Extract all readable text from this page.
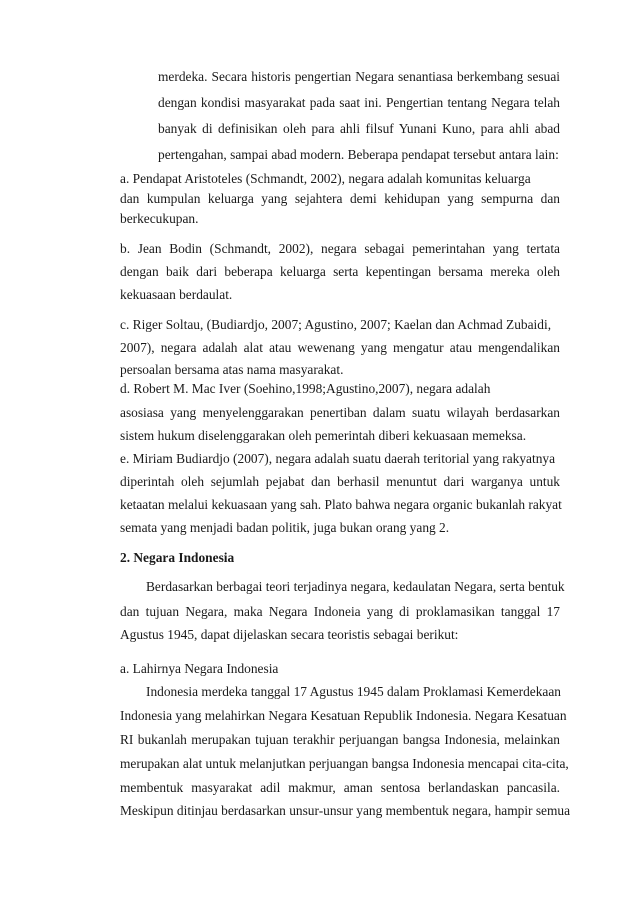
merdeka. Secara historis pengertian Negara senantiasa berkembang sesuai
dengan kondisi masyarakat pada saat ini. Pengertian tentang Negara telah
banyak di definisikan oleh para ahli filsuf Yunani Kuno, para ahli abad
pertengahan, sampai abad modern. Beberapa pendapat tersebut antara lain:
a. Pendapat Aristoteles (Schmandt, 2002), negara adalah komunitas keluarga
dan kumpulan keluarga yang sejahtera demi kehidupan yang sempurna dan
berkecukupan.
b. Jean Bodin (Schmandt, 2002), negara sebagai pemerintahan yang tertata
dengan baik dari beberapa keluarga serta kepentingan bersama mereka oleh
kekuasaan berdaulat.
c. Riger Soltau, (Budiardjo, 2007; Agustino, 2007; Kaelan dan Achmad Zubaidi,
2007), negara adalah alat atau wewenang yang mengatur atau mengendalikan
persoalan bersama atas nama masyarakat.
d. Robert M. Mac Iver (Soehino,1998;Agustino,2007), negara adalah
asosiasa yang menyelenggarakan penertiban dalam suatu wilayah berdasarkan
sistem hukum diselenggarakan oleh pemerintah diberi kekuasaan memeksa.
e. Miriam Budiardjo (2007), negara adalah suatu daerah teritorial yang rakyatnya
diperintah oleh sejumlah pejabat dan berhasil menuntut dari warganya untuk
ketaatan melalui kekuasaan yang sah. Plato bahwa negara organic bukanlah rakyat
semata yang menjadi badan politik, juga bukan orang yang 2.
2. Negara Indonesia
Berdasarkan berbagai teori terjadinya negara, kedaulatan Negara, serta bentuk
dan tujuan Negara, maka Negara Indoneia yang di proklamasikan tanggal 17
Agustus 1945, dapat dijelaskan secara teoristis sebagai berikut:
a. Lahirnya Negara Indonesia
Indonesia merdeka tanggal 17 Agustus 1945 dalam Proklamasi Kemerdekaan
Indonesia yang melahirkan Negara Kesatuan Republik Indonesia. Negara Kesatuan
RI bukanlah merupakan tujuan terakhir perjuangan bangsa Indonesia, melainkan
merupakan alat untuk melanjutkan perjuangan bangsa Indonesia mencapai cita-cita,
membentuk masyarakat adil makmur, aman sentosa berlandaskan pancasila.
Meskipun ditinjau berdasarkan unsur-unsur yang membentuk negara, hampir semua
